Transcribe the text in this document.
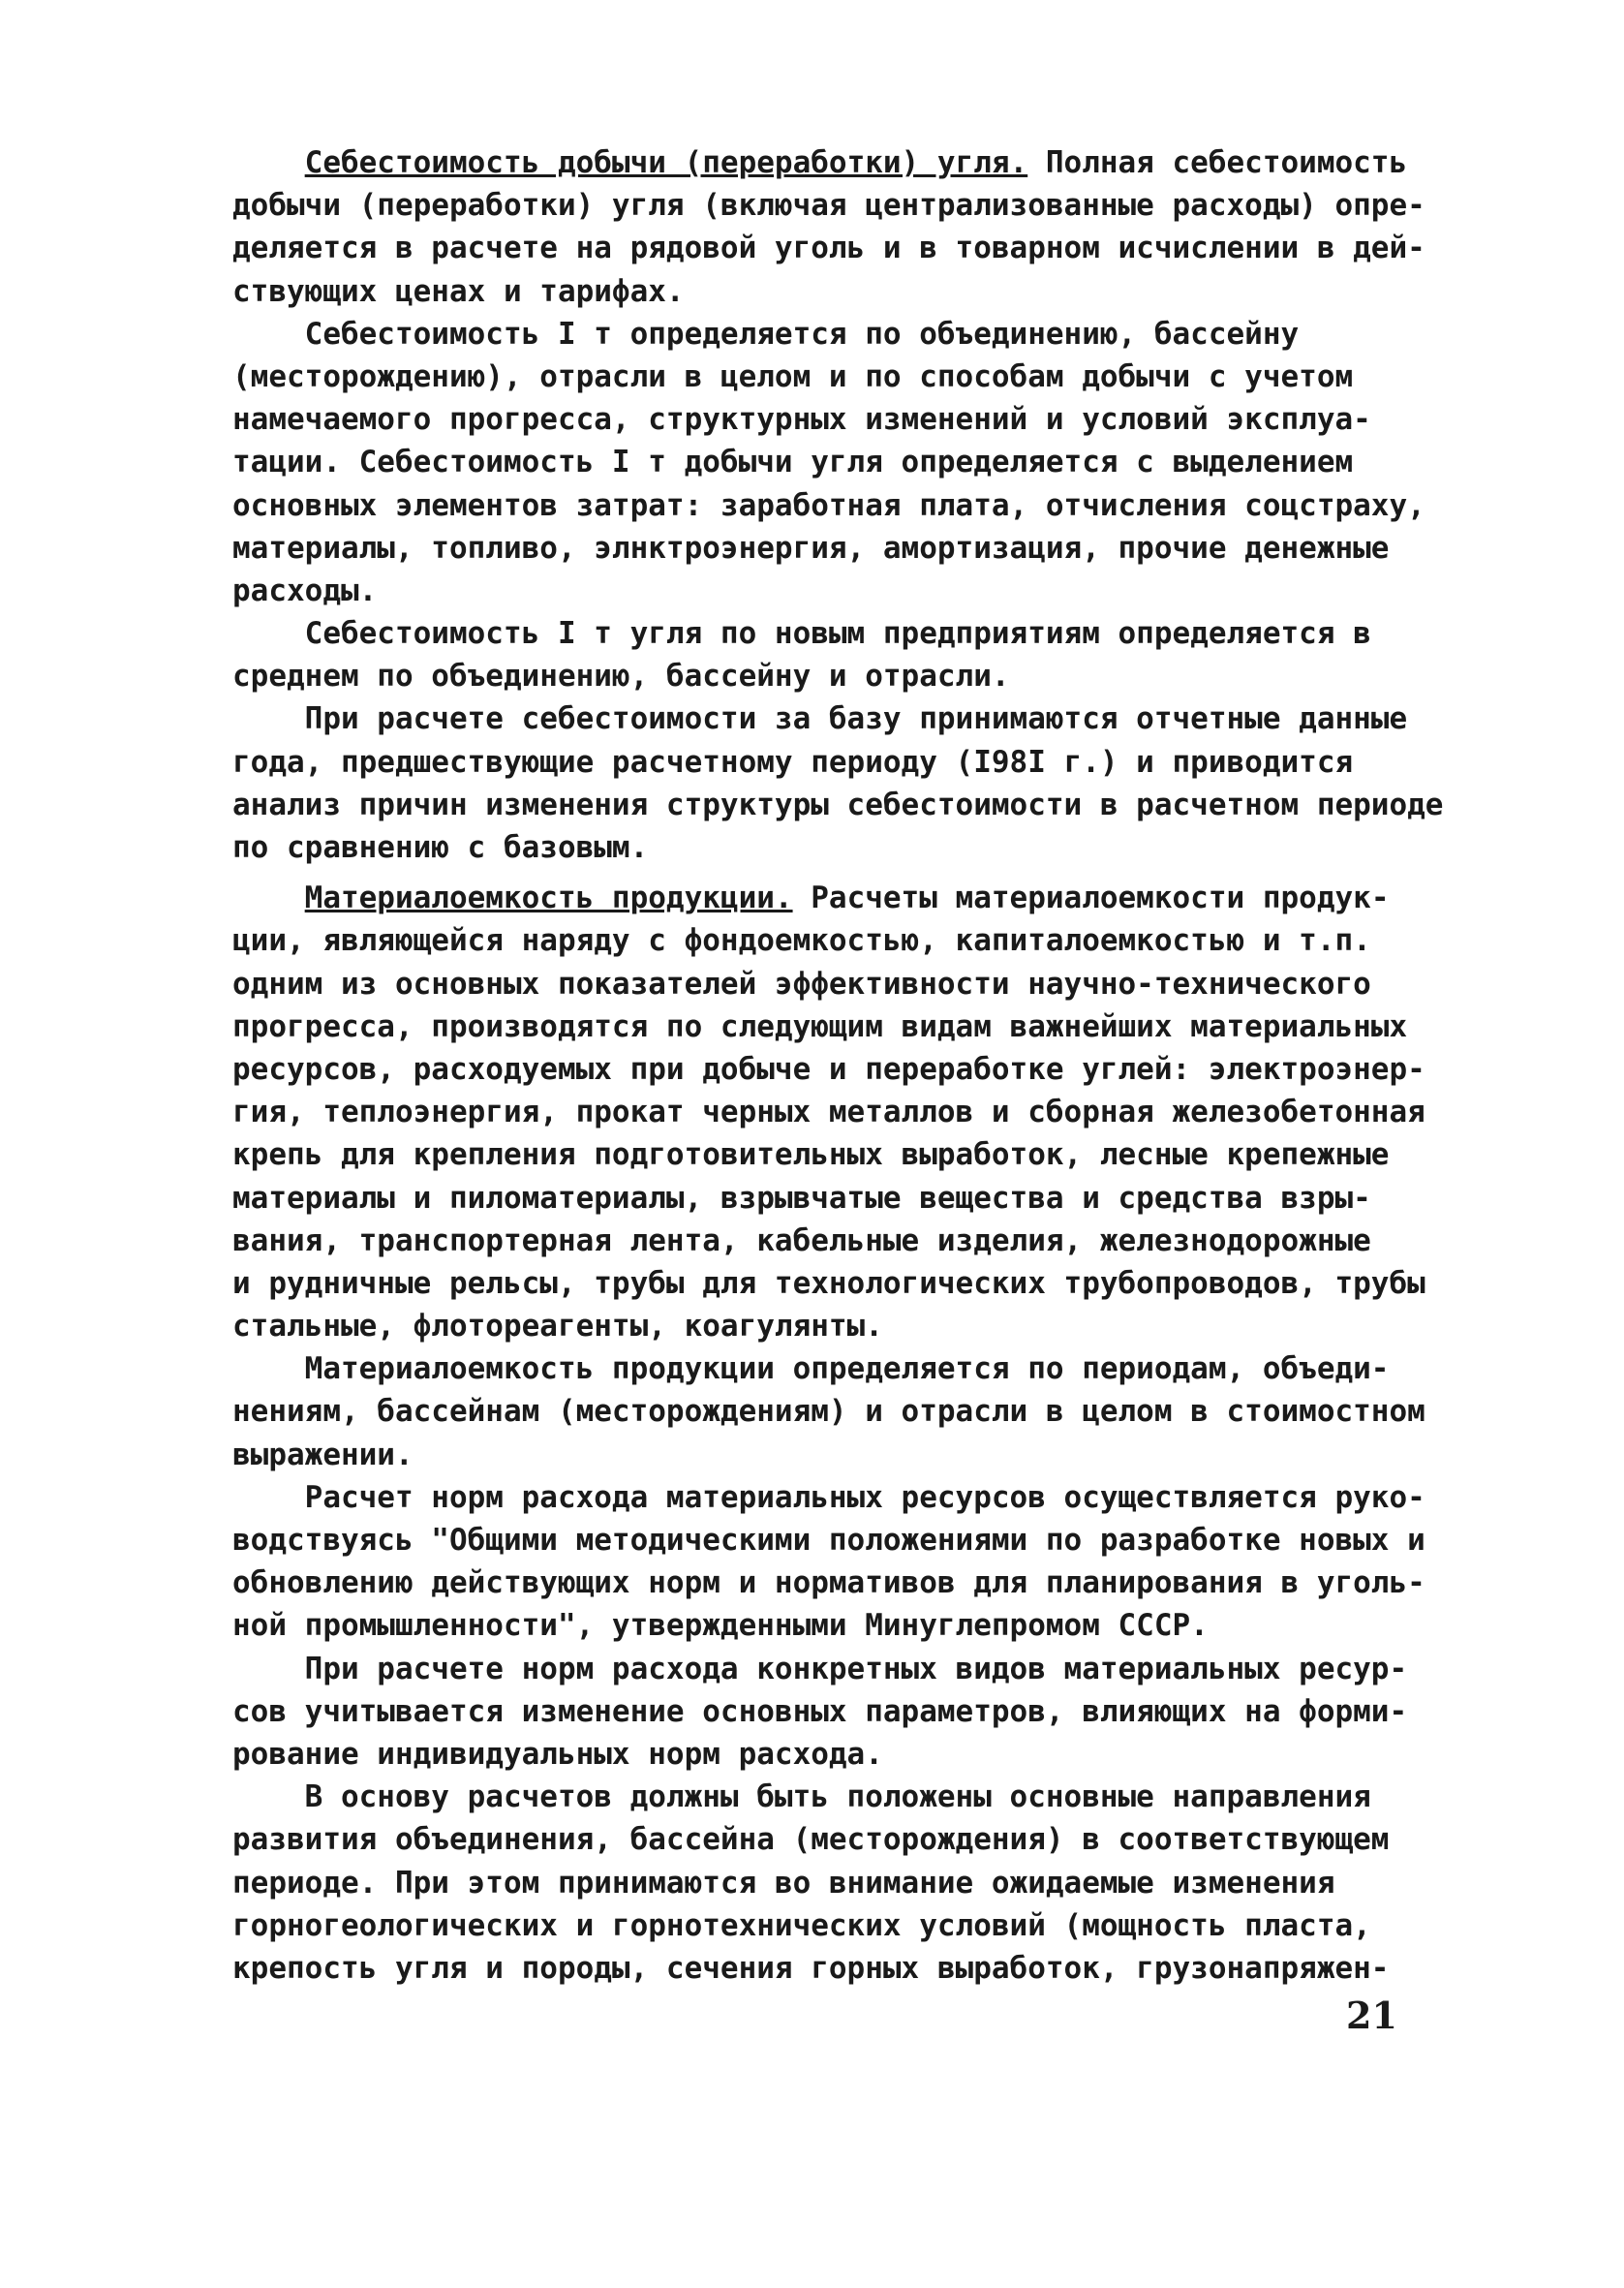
Себестоимость добычи (переработки) угля. Полная себестоимость
добычи (переработки) угля (включая централизованные расходы) опре-
деляется в расчете на рядовой уголь и в товарном исчислении в дей-
ствующих ценах и тарифах.
Себестоимость I т определяется по объединению, бассейну
(месторождению), отрасли в целом и по способам добычи с учетом
намечаемого прогресса, структурных изменений и условий эксплуа-
тации. Себестоимость I т добычи угля определяется с выделением
основных элементов затрат: заработная плата, отчисления соцстраху,
материалы, топливо, элнктроэнергия, амортизация, прочие денежные
расходы.
Себестоимость I т угля по новым предприятиям определяется в
среднем по объединению, бассейну и отрасли.
При расчете себестоимости за базу принимаются отчетные данные
года, предшествующие расчетному периоду (I98I г.) и приводится
анализ причин изменения структуры себестоимости в расчетном периоде
по сравнению с базовым.
Материалоемкость продукции. Расчеты материалоемкости продук-
ции, являющейся наряду с фондоемкостью, капиталоемкостью и т.п.
одним из основных показателей эффективности научно-технического
прогресса, производятся по следующим видам важнейших материальных
ресурсов, расходуемых при добыче и переработке углей: электроэнер-
гия, теплоэнергия, прокат черных металлов и сборная железобетонная
крепь для крепления подготовительных выработок, лесные крепежные
материалы и пиломатериалы, взрывчатые вещества и средства взры-
вания, транспортерная лента, кабельные изделия, железнодорожные
и рудничные рельсы, трубы для технологических трубопроводов, трубы
стальные, флотореагенты, коагулянты.
Материалоемкость продукции определяется по периодам, объеди-
нениям, бассейнам (месторождениям) и отрасли в целом в стоимостном
выражении.
Расчет норм расхода материальных ресурсов осуществляется руко-
водствуясь "Общими методическими положениями по разработке новых и
обновлению действующих норм и нормативов для планирования в уголь-
ной промышленности", утвержденными Минуглепромом СССР.
При расчете норм расхода конкретных видов материальных ресур-
сов учитывается изменение основных параметров, влияющих на форми-
рование индивидуальных норм расхода.
В основу расчетов должны быть положены основные направления
развития объединения, бассейна (месторождения) в соответствующем
периоде. При этом принимаются во внимание ожидаемые изменения
горногеологических и горнотехнических условий (мощность пласта,
крепость угля и породы, сечения горных выработок, грузонапряжен-
21
